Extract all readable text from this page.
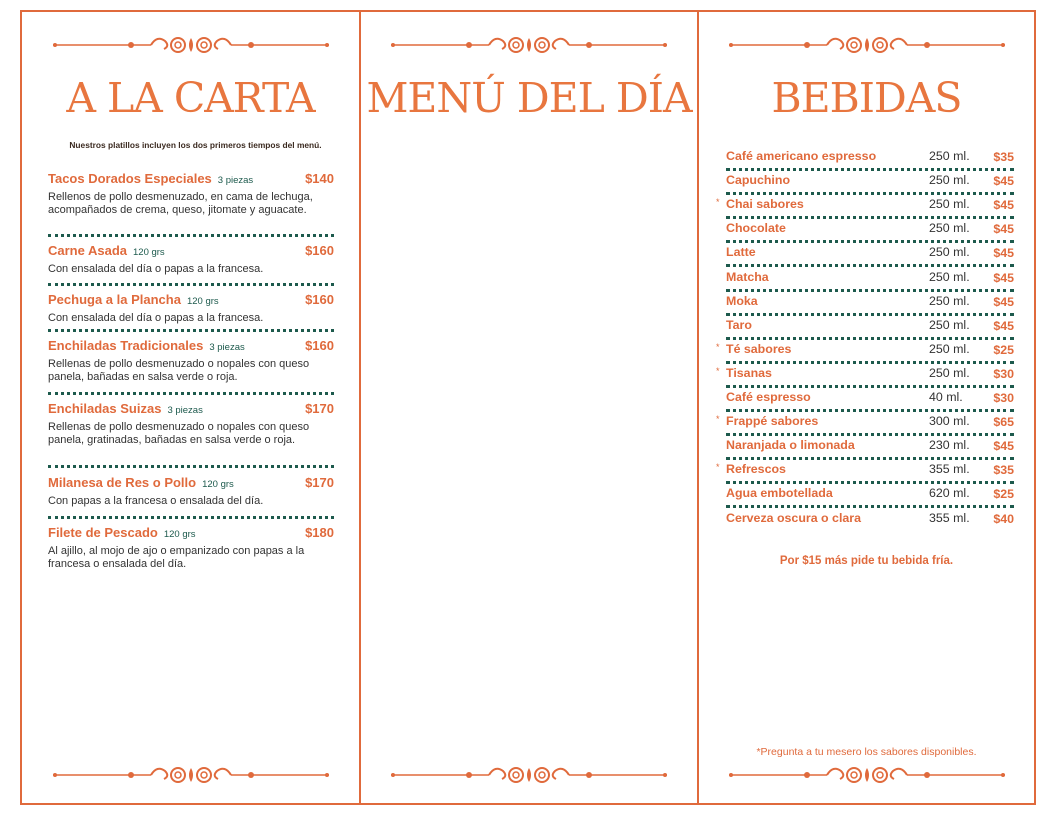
A LA CARTA
Nuestros platillos incluyen los dos primeros tiempos del menú.
Tacos Dorados Especiales 3 piezas	$140
Rellenos de pollo desmenuzado, en cama de lechuga, acompañados de crema, queso, jitomate y aguacate.
Carne Asada 120 grs	$160
Con ensalada del día o papas a la francesa.
Pechuga a la Plancha 120 grs	$160
Con ensalada del día o papas a la francesa.
Enchiladas Tradicionales 3 piezas	$160
Rellenas de pollo desmenuzado o nopales con queso panela, bañadas en salsa verde o roja.
Enchiladas Suizas 3 piezas	$170
Rellenas de pollo desmenuzado o nopales con queso panela, gratinadas, bañadas en salsa verde o roja.
Milanesa de Res o Pollo 120 grs	$170
Con papas a la francesa o ensalada del día.
Filete de Pescado 120 grs	$180
Al ajillo, al mojo de ajo o empanizado con papas a la francesa o ensalada del día.
MENÚ DEL DÍA	BEBIDAS
Café americano espresso	250 ml. $35
Capuchino	250 ml. $45
* Chai sabores	250 ml. $45
Chocolate	250 ml. $45
Latte	250 ml. $45
Matcha	250 ml. $45
Moka	250 ml. $45
Taro	250 ml. $45
* Té sabores	250 ml. $25
* Tisanas	250 ml. $30
Café espresso	40 ml. $30
* Frappé sabores	300 ml. $65
Naranjada o limonada	230 ml. $45
* Refrescos	355 ml. $35
Agua embotellada	620 ml. $25
Cerveza oscura o clara	355 ml. $40
Por $15 más pide tu bebida fría.
*Pregunta a tu mesero los sabores disponibles.
